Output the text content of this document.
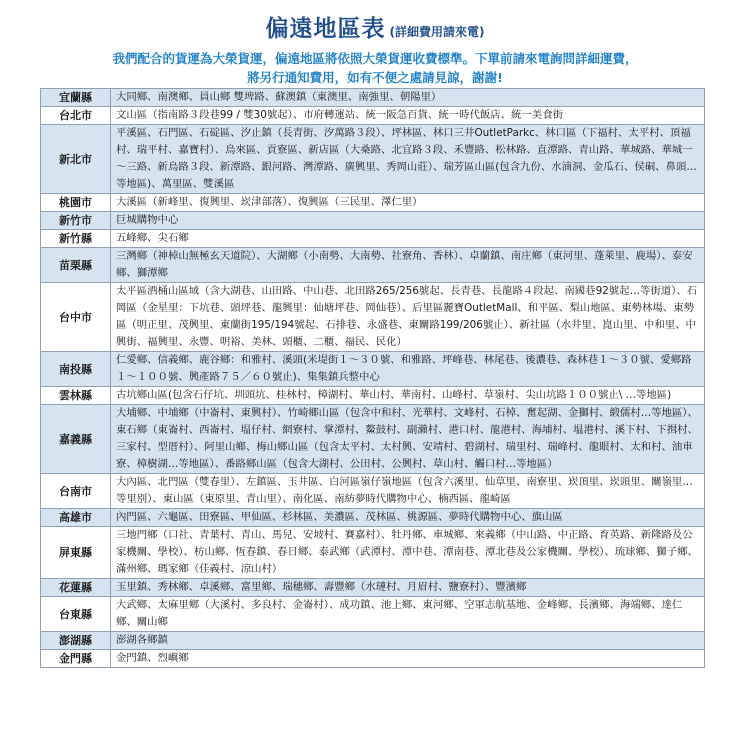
偏遠地區表 (詳細費用請來電)
我們配合的貨運為大榮貨運，偏遠地區將依照大榮貨運收費標準。下單前請來電詢問詳細運費，
將另行通知費用，如有不便之處請見諒，謝謝!
宜蘭縣	大同鄉、南澳鄉、員山鄉 雙埤路、蘇澳鎮（東澳里、南強里、朝陽里）
台北市	文山區（指南路３段巷99 / 雙30號起）、市府轉運站、統一阪急百貨、統一時代飯店、統一美食街
新北市	平溪區、石門區、石碇區、汐止鎮（長青街、汐萬路３段）、坪林區、林口三井OutletParkc、林口區（下福村、太平村、頂福村、瑞平村、嘉寶村）、烏來區、貢寮區、新店區（大桑路、北宜路３段、禾豐路、松林路、直潭路、青山路、華城路、華城一～三路、新烏路３段、新潭路、銀河路、灣潭路、廣興里、秀岡山莊）、瑞芳區山區(包含九份、水湳洞、金瓜石、侯硐、鼻頭…等地區)、萬里區、雙溪區
桃園市	大溪區（新峰里、復興里、崁津部落）、復興區（三民里、澤仁里）
新竹市	巨城購物中心
新竹縣	五峰鄉、尖石鄉
苗栗縣	三灣鄉（神棹山無極玄天道院）、大湖鄉（小南勢、大南勢、社寮角、香林）、卓蘭鎮、南庄鄉（東河里、蓬萊里、鹿場）、泰安鄉、獅潭鄉
台中市	太平區酒桶山區域（含大湖巷、山田路、中山巷、北田路265/256號起、長青巷、長龍路４段起、南國巷92號起…等街道）、石岡區（金星里：下坑巷、頭坪巷、龍興里：仙塘坪巷、岡仙巷）、后里區麗寶OutletMall、和平區、梨山地區、東勢林場、東勢區（明正里、茂興里、東蘭街195/194號起、石排巷、永盛巷、東關路199/206號止）、新社區（水井里、崑山里、中和里、中興街、福興里、永豐、明裕、美林、頭櫃、二櫃、福民、民化）
南投縣	仁愛鄉、信義鄉、鹿谷鄉：和雅村、溪頭(米堤街１～３０號、和雅路、坪峰巷、林尾巷、後濃巷、森林巷１～３０號、愛鄉路１～１００號、興產路７５／６０號止)、集集鎮兵整中心
雲林縣	古坑鄉山區(包含石仔坑、圳頭坑、桂林村、樟湖村、華山村、華南村、山峰村、草嶺村、尖山坑路１００號止\ …等地區)
嘉義縣	大埔鄉、中埔鄉（中崙村、東興村）、竹崎鄉山區（包含中和村、光華村、文峰村、石棹、奮起湖、金獅村、緞儒村…等地區）、東石鄉（東崙村、西崙村、塭仔村、網寮村、掌潭村、鰲鼓村、副瀨村、港口村、龍港村、海埔村、塭港村、溪下村、下揖村、三家村、型厝村）、阿里山鄉、梅山鄉山區（包含太平村、太村興、安靖村、碧湖村、瑞里村、瑞峰村、龍眼村、太和村、油車寮、樟樹湖…等地區）、番路鄉山區（包含大湖村、公田村、公興村、草山村、觸口村…等地區）
台南市	大內區、北門區（雙春里）、左鎮區、玉井區、白河區嶺仔嶺地區（包含六溪里、仙草里、南寮里、崁頂里、崁頭里、關嶺里…等里別）、東山區（東原里、青山里）、南化區、南紡夢時代購物中心、楠西區、龍崎區
高雄市	內門區、六龜區、田寮區、甲仙區、杉林區、美濃區、茂林區、桃源區、夢時代購物中心、旗山區
屏東縣	三地門鄉（口社、青葉村、青山、馬兒、安坡村、賽嘉村）、牡丹鄉、車城鄉、來義鄉（中山路、中正路、育英路、新隆路及公家機關、學校）、枋山鄉、恆春鎮、春日鄉、泰武鄉（武潭村、潭中巷、潭南巷、潭北巷及公家機關、學校）、琉球鄉、獅子鄉、滿州鄉、瑪家鄉（佳義村、涼山村）
花蓮縣	玉里鎮、秀林鄉、卓溪鄉、富里鄉、瑞穗鄉、壽豐鄉（水璉村、月眉村、鹽寮村）、豐濱鄉
台東縣	大武鄉、太麻里鄉（大溪村、多良村、金崙村）、成功鎮、池上鄉、東河鄉、空軍志航基地、金峰鄉、長濱鄉、海端鄉、達仁鄉、關山鄉
澎湖縣	澎湖各鄉鎮
金門縣	金門鎮、烈嶼鄉
